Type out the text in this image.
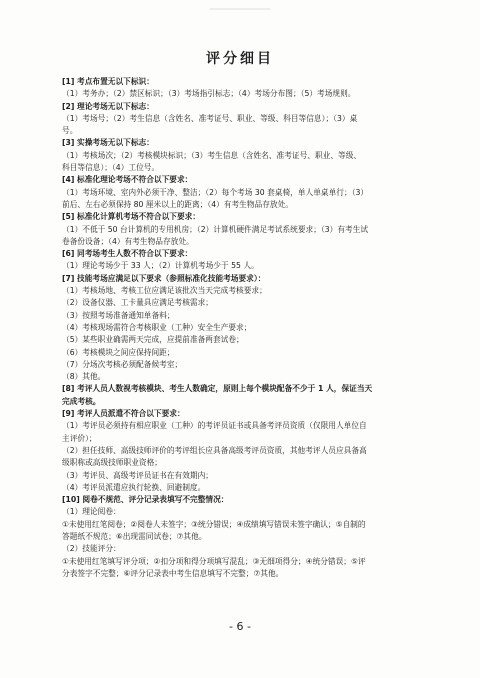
评分细目
[1] 考点布置无以下标识：
（1）考务办；（2）禁区标识；（3）考场指引标志；（4）考场分布图；（5）考场规则。
[2] 理论考场无以下标志：
（1）考场号；（2）考生信息（含姓名、准考证号、职业、等级、科目等信息）；（3）桌
号。
[3] 实操考场无以下标志：
（1）考核场次；（2）考核模块标识；（3）考生信息（含姓名、准考证号、职业、等级、
科目等信息）；（4）工位号。
[4] 标准化理论考场不符合以下要求：
（1）考场环境、室内外必须干净、整洁；（2）每个考场 30 套桌椅，单人单桌单行；（3）
前后、左右必须保持 80 厘米以上的距离；（4）有考生物品存放处。
[5] 标准化计算机考场不符合以下要求：
（1）不低于 50 台计算机的专用机房；（2）计算机硬件满足考试系统要求；（3）有考生试
卷备份设备；（4）有考生物品存放处。
[6] 同考场考生人数不符合以下要求：
（1）理论考场少于 33 人；（2）计算机考场少于 55 人。
[7] 技能考场应满足以下要求（参照标准化技能考场要求）：
（1）考核场地、考核工位应满足该批次当天完成考核要求；
（2）设备仪器、工卡量具应满足考核需求；
（3）按照考场准备通知单备料；
（4）考核现场需符合考核职业（工种）安全生产要求；
（5）某些职业确需两天完成，应提前准备两套试卷；
（6）考核模块之间应保持间距；
（7）分场次考核必须配备候考室；
（8）其他。
[8] 考评人员人数视考核模块、考生人数确定，原则上每个模块配备不少于 1 人，保证当天
完成考核。
[9] 考评人员派遣不符合以下要求：
（1）考评员必须持有相应职业（工种）的考评员证书或具备考评员资质（仅限用人单位自
主评价）；
（2）担任技师、高级技师评价的考评组长应具备高级考评员资质，其他考评人员应具备高
级职称或高级技师职业资格；
（3）考评员、高级考评员证书在有效期内；
（4）考评员派遣应执行轮换、回避制度。
[10] 阅卷不规范、评分记录表填写不完整情况：
（1）理论阅卷：
①未使用红笔阅卷；②阅卷人未签字；③统分错误；④成绩填写错误未签字确认；⑤自制的
答题纸不规范；⑥出现雷同试卷；⑦其他。
（2）技能评分：
①未使用红笔填写评分项；②扣分项和得分项填写混乱；③无细项得分；④统分错误；⑤评
分表签字不完整；⑥评分记录表中考生信息填写不完整；⑦其他。
- 6 -
